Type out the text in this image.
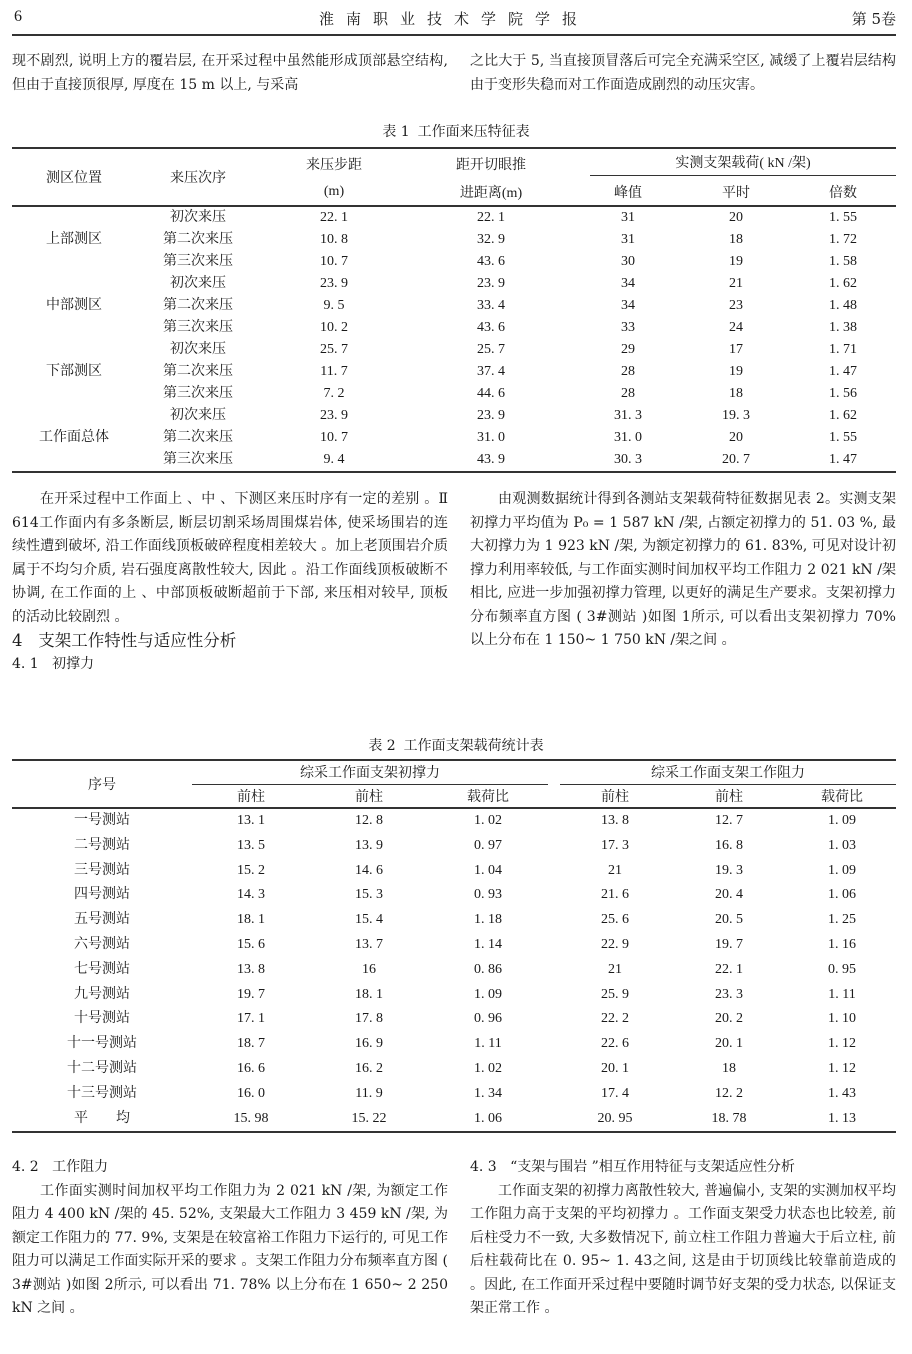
6	淮南职业技术学院学报	第 5卷

现不剧烈, 说明上方的覆岩层, 在开采过程中虽然能形成顶部悬空结构, 但由于直接顶很厚, 厚度在 15 m 以上, 与采高

之比大于 5, 当直接顶冒落后可完全充满采空区, 减缓了上覆岩层结构由于变形失稳而对工作面造成剧烈的动压灾害。

表 1 工作面来压特征表
测区位置	来压次序	来压步距	距开切眼推	实测支架载荷( kN /架)		

		(m)	进距离(m)	峰值	平时	倍数
上部测区	初次来压	22. 1	22. 1	31	20	1. 55
	第二次来压	10. 8	32. 9	31	18	1. 72
	第三次来压	10. 7	43. 6	30	19	1. 58
中部测区	初次来压	23. 9	23. 9	34	21	1. 62
	第二次来压	9. 5	33. 4	34	23	1. 48
	第三次来压	10. 2	43. 6	33	24	1. 38
下部测区	初次来压	25. 7	25. 7	29	17	1. 71
	第二次来压	11. 7	37. 4	28	19	1. 47
	第三次来压	7. 2	44. 6	28	18	1. 56
工作面总体	初次来压	23. 9	23. 9	31. 3	19. 3	1. 62
	第二次来压	10. 7	31. 0	31. 0	20	1. 55
	第三次来压	9. 4	43. 9	30. 3	20. 7	1. 47

在开采过程中工作面上 、中 、下测区来压时序有一定的差别 。Ⅱ 614工作面内有多条断层, 断层切割采场周围煤岩体, 使采场围岩的连续性遭到破坏, 沿工作面线顶板破碎程度相差较大 。加上老顶围岩介质属于不均匀介质, 岩石强度离散性较大, 因此 。沿工作面线顶板破断不协调, 在工作面的上 、中部顶板破断超前于下部, 来压相对较早, 顶板的活动比较剧烈 。

4 支架工作特性与适应性分析
4. 1 初撑力

由观测数据统计得到各测站支架载荷特征数据见表 2。实测支架初撑力平均值为 P₀ = 1 587 kN /架, 占额定初撑力的 51. 03 %, 最大初撑力为 1 923 kN /架, 为额定初撑力的 61. 83%, 可见对设计初撑力利用率较低, 与工作面实测时间加权平均工作阻力 2 021 kN /架相比, 应进一步加强初撑力管理, 以更好的满足生产要求。支架初撑力分布频率直方图 ( 3#测站 )如图 1所示, 可以看出支架初撑力 70% 以上分布在 1 150~ 1 750 kN /架之间 。

表 2 工作面支架载荷统计表
序号	综采工作面支架初撑力				综采工作面支架工作阻力		

	前柱	前柱	载荷比		前柱	前柱	载荷比
一号测站	13. 1	12. 8	1. 02		13. 8	12. 7	1. 09
二号测站	13. 5	13. 9	0. 97		17. 3	16. 8	1. 03
三号测站	15. 2	14. 6	1. 04		21	19. 3	1. 09
四号测站	14. 3	15. 3	0. 93		21. 6	20. 4	1. 06
五号测站	18. 1	15. 4	1. 18		25. 6	20. 5	1. 25
六号测站	15. 6	13. 7	1. 14		22. 9	19. 7	1. 16
七号测站	13. 8	16	0. 86		21	22. 1	0. 95
九号测站	19. 7	18. 1	1. 09		25. 9	23. 3	1. 11
十号测站	17. 1	17. 8	0. 96		22. 2	20. 2	1. 10
十一号测站	18. 7	16. 9	1. 11		22. 6	20. 1	1. 12
十二号测站	16. 6	16. 2	1. 02		20. 1	18	1. 12
十三号测站	16. 0	11. 9	1. 34		17. 4	12. 2	1. 43
平　　均	15. 98	15. 22	1. 06		20. 95	18. 78	1. 13
4. 2 工作阻力

工作面实测时间加权平均工作阻力为 2 021 kN /架, 为额定工作阻力 4 400 kN /架的 45. 52%, 支架最大工作阻力 3 459 kN /架, 为额定工作阻力的 77. 9%, 支架是在较富裕工作阻力下运行的, 可见工作阻力可以满足工作面实际开采的要求 。支架工作阻力分布频率直方图 ( 3#测站 )如图 2所示, 可以看出 71. 78% 以上分布在 1 650~ 2 250 kN 之间 。

4. 3 “支架与围岩 ”相互作用特征与支架适应性分析

工作面支架的初撑力离散性较大, 普遍偏小, 支架的实测加权平均工作阻力高于支架的平均初撑力 。工作面支架受力状态也比较差, 前后柱受力不一致, 大多数情况下, 前立柱工作阻力普遍大于后立柱, 前后柱载荷比在 0. 95~ 1. 43之间, 这是由于切顶线比较靠前造成的 。因此, 在工作面开采过程中要随时调节好支架的受力状态, 以保证支架正常工作 。
